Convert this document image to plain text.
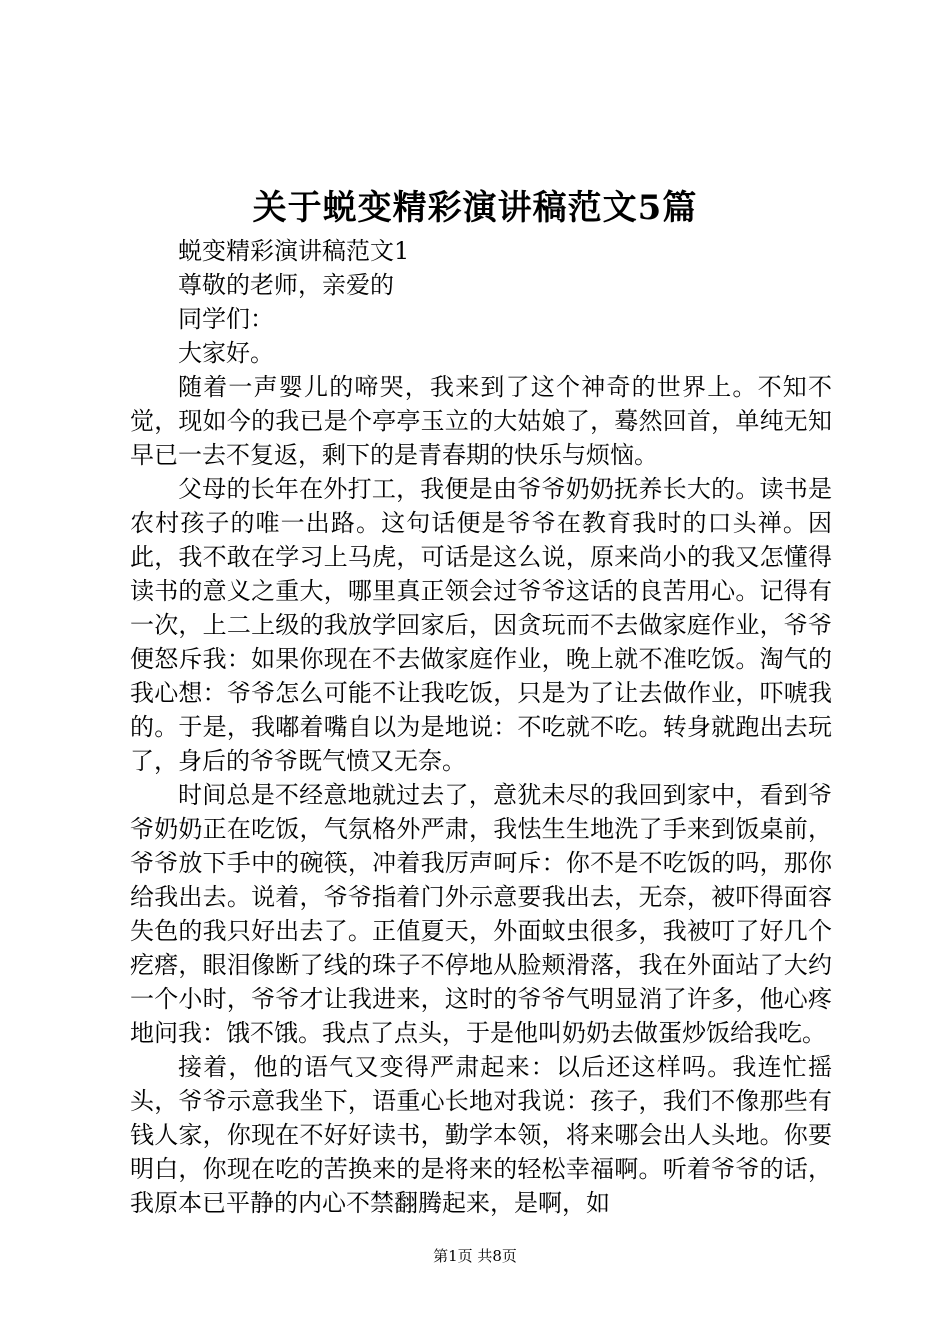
关于蜕变精彩演讲稿范文5篇

蜕变精彩演讲稿范文1

尊敬的老师，亲爱的

同学们：

大家好。

随着一声婴儿的啼哭，我来到了这个神奇的世界上。不知不觉，现如今的我已是个亭亭玉立的大姑娘了，蓦然回首，单纯无知早已一去不复返，剩下的是青春期的快乐与烦恼。

父母的长年在外打工，我便是由爷爷奶奶抚养长大的。读书是农村孩子的唯一出路。这句话便是爷爷在教育我时的口头禅。因此，我不敢在学习上马虎，可话是这么说，原来尚小的我又怎懂得读书的意义之重大，哪里真正领会过爷爷这话的良苦用心。记得有一次，上二上级的我放学回家后，因贪玩而不去做家庭作业，爷爷便怒斥我：如果你现在不去做家庭作业，晚上就不准吃饭。淘气的我心想：爷爷怎么可能不让我吃饭，只是为了让去做作业，吓唬我的。于是，我嘟着嘴自以为是地说：不吃就不吃。转身就跑出去玩了，身后的爷爷既气愤又无奈。

时间总是不经意地就过去了，意犹未尽的我回到家中，看到爷爷奶奶正在吃饭，气氛格外严肃，我怯生生地洗了手来到饭桌前，爷爷放下手中的碗筷，冲着我厉声呵斥：你不是不吃饭的吗，那你给我出去。说着，爷爷指着门外示意要我出去，无奈，被吓得面容失色的我只好出去了。正值夏天，外面蚊虫很多，我被叮了好几个疙瘩，眼泪像断了线的珠子不停地从脸颊滑落，我在外面站了大约一个小时，爷爷才让我进来，这时的爷爷气明显消了许多，他心疼地问我：饿不饿。我点了点头，于是他叫奶奶去做蛋炒饭给我吃。

接着，他的语气又变得严肃起来：以后还这样吗。我连忙摇头，爷爷示意我坐下，语重心长地对我说：孩子，我们不像那些有钱人家，你现在不好好读书，勤学本领，将来哪会出人头地。你要明白，你现在吃的苦换来的是将来的轻松幸福啊。听着爷爷的话，我原本已平静的内心不禁翻腾起来，是啊，如

第1页 共8页
